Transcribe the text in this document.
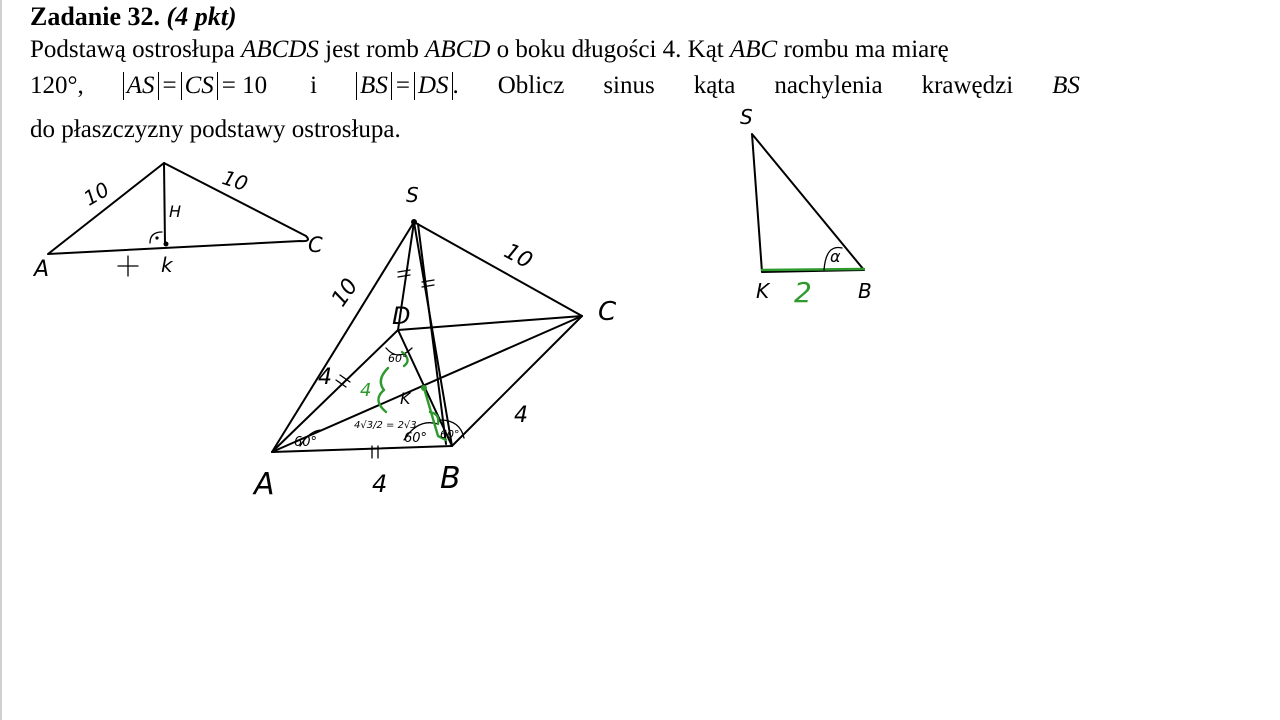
Zadanie 32. (4 pkt)
Podstawą ostrosłupa ABCDS jest romb ABCD o boku długości 4. Kąt ABC rombu ma miarę
120°, AS = CS = 10 i BS = DS . Oblicz sinus kąta nachylenia krawędzi BS
do płaszczyzny podstawy ostrosłupa.
A	k
C
10	10
H
S
A	B
C
D
K
10
10
4
4
4
60°
60°
60° 60°
4√3/2 = 2√3
4
S
K	B
2
α
